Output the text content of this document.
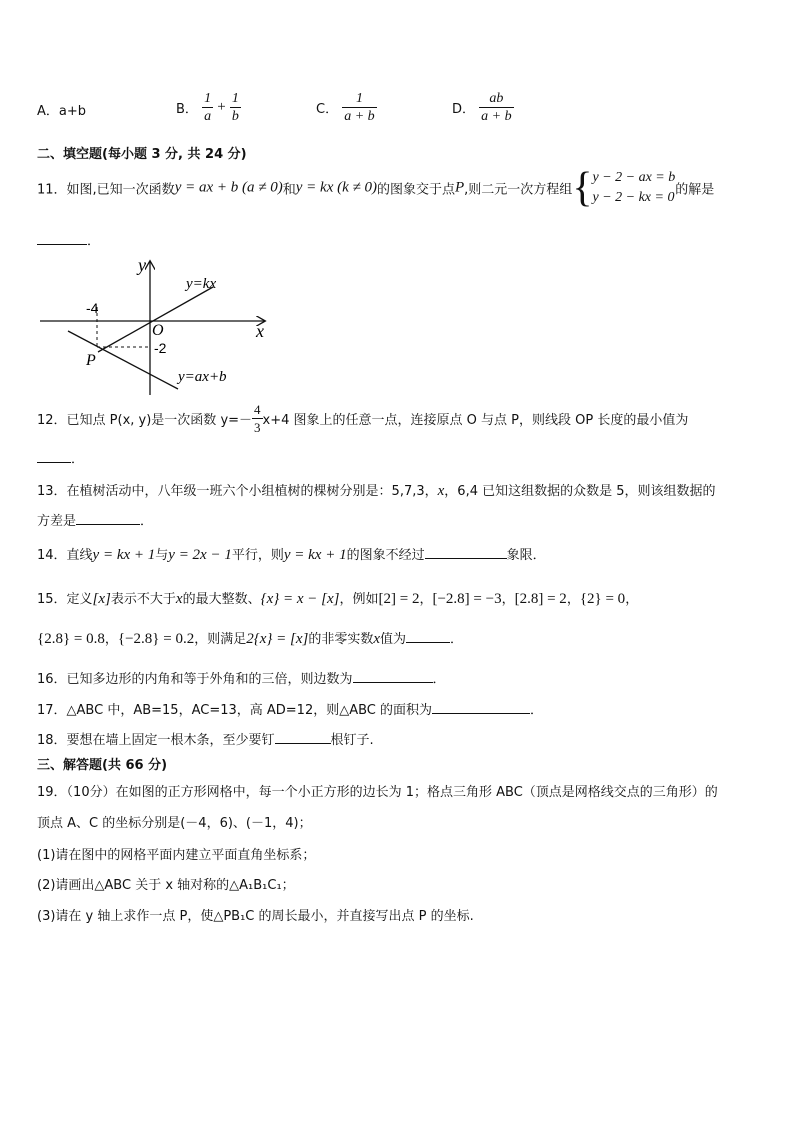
A．a+b	B． $\frac{1}{a} + \frac{1}{b}$	C． $\frac{1}{a + b}$	D． $\frac{ab}{a + b}$
二、填空题(每小题 3 分, 共 24 分)
11．如图,已知一次函数y = ax + b (a ≠ 0)和y = kx (k ≠ 0)的图象交于点P,则二元一次方程组{ y − 2 − ax = b
y − 2 − kx = 0 的解是
．
y
x
O
P
-4
-2
y=kx
y=ax+b
12．已知点 P(x, y)是一次函数 $y=- \frac{4}{3} x+4$ 图象上的任意一点，连接原点 O 与点 P，则线段 OP 长度的最小值为
．
13．在植树活动中，八年级一班六个小组植树的棵树分别是：5,7,3，x，6,4 已知这组数据的众数是 5，则该组数据的
方差是	．
14．直线y = kx + 1与y = 2x − 1平行，则y = kx + 1的图象不经过	象限．
15．定义[x]表示不大于x的最大整数、{x} = x − [x]，例如[2] = 2，[−2.8] = −3，[2.8] = 2，{2} = 0，
{2.8} = 0.8，{−2.8} = 0.2，则满足2{x} = [x]的非零实数x值为	．
16．已知多边形的内角和等于外角和的三倍，则边数为	．
17．△ABC 中，AB=15，AC=13，高 AD=12，则△ABC 的面积为	．
18．要想在墙上固定一根木条，至少要钉	根钉子.
三、解答题(共 66 分)
19．（10分）在如图的正方形网格中，每一个小正方形的边长为 1；格点三角形 ABC（顶点是网格线交点的三角形）的
顶点 A、C 的坐标分别是(－4，6)、(－1，4)；
(1)请在图中的网格平面内建立平面直角坐标系；
(2)请画出△ABC 关于 x 轴对称的△A₁B₁C₁；
(3)请在 y 轴上求作一点 P，使△PB₁C 的周长最小，并直接写出点 P 的坐标.
